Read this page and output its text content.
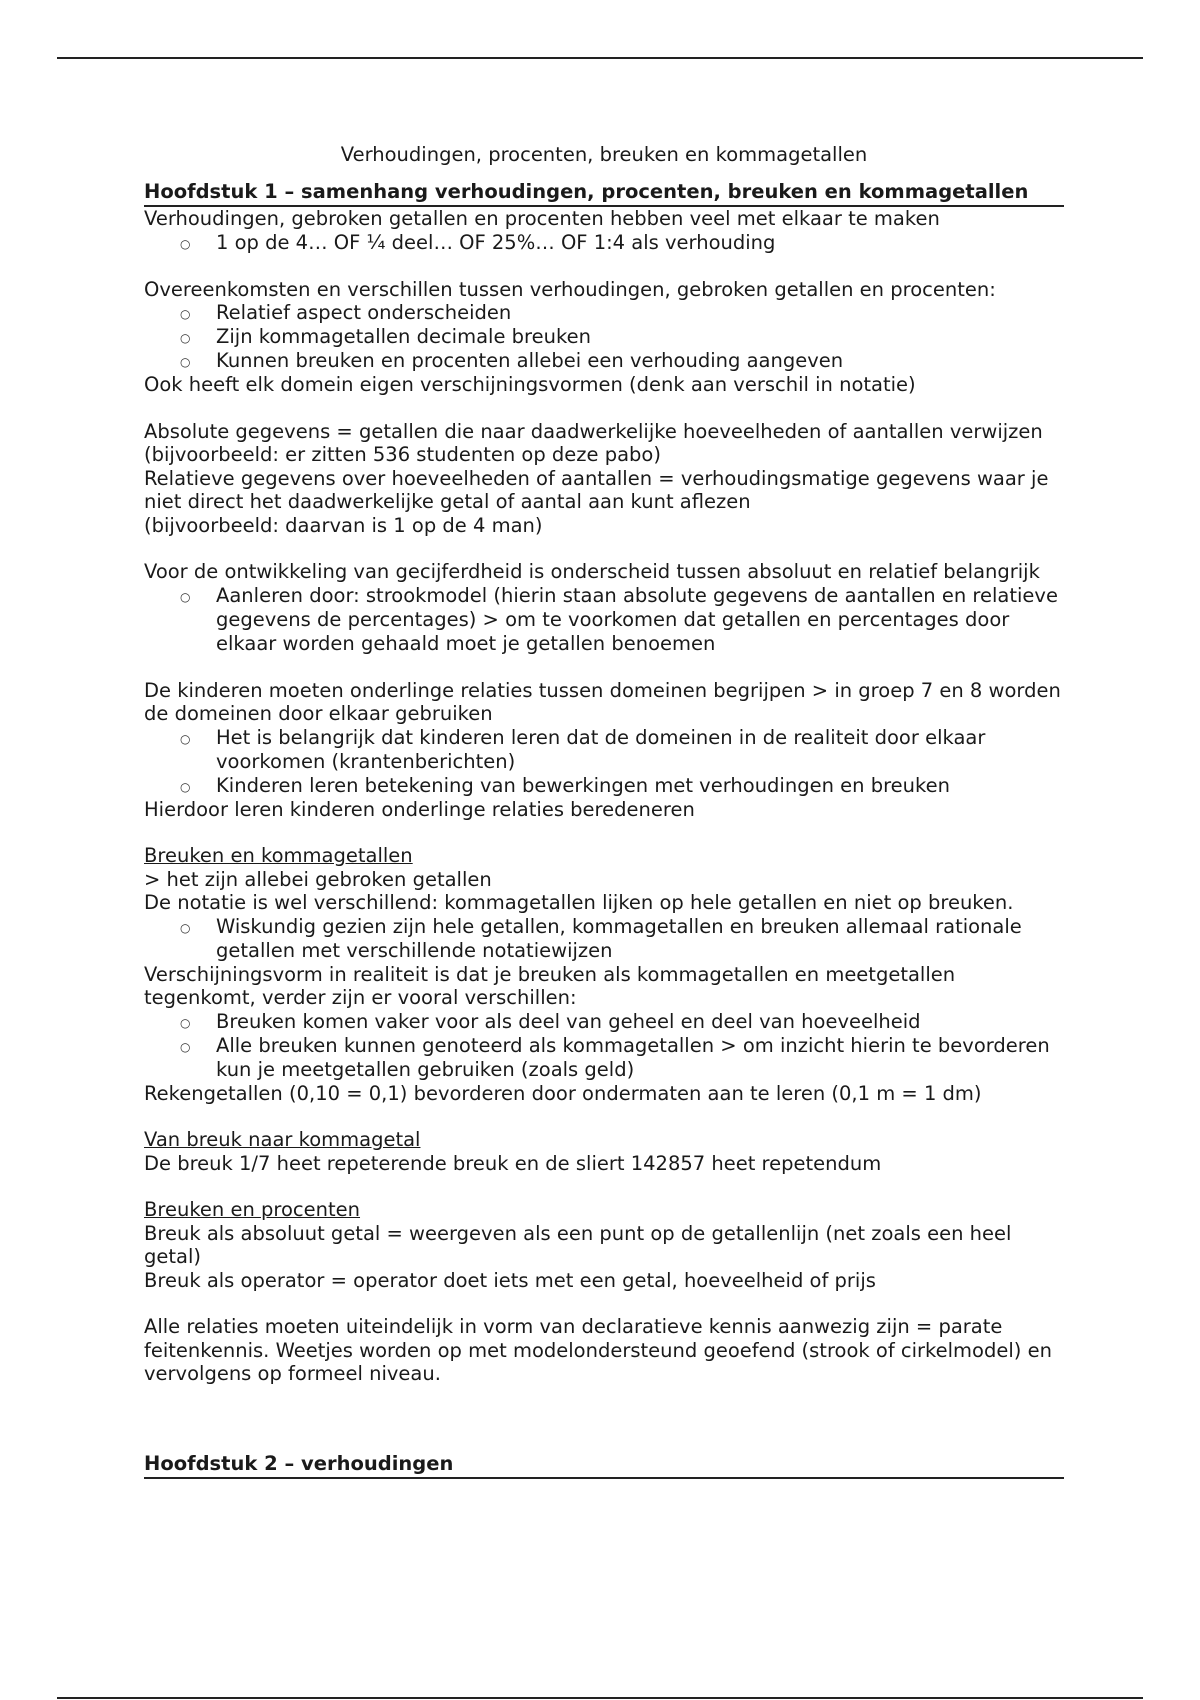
Verhoudingen, procenten, breuken en kommagetallen
Hoofdstuk 1 – samenhang verhoudingen, procenten, breuken en kommagetallen

Verhoudingen, gebroken getallen en procenten hebben veel met elkaar te maken

○ 1 op de 4… OF ¼ deel… OF 25%… OF 1:4 als verhouding

Overeenkomsten en verschillen tussen verhoudingen, gebroken getallen en procenten:

○ Relatief aspect onderscheiden
○ Zijn kommagetallen decimale breuken
○ Kunnen breuken en procenten allebei een verhouding aangeven

Ook heeft elk domein eigen verschijningsvormen (denk aan verschil in notatie)

Absolute gegevens = getallen die naar daadwerkelijke hoeveelheden of aantallen verwijzen (bijvoorbeeld: er zitten 536 studenten op deze pabo)

Relatieve gegevens over hoeveelheden of aantallen = verhoudingsmatige gegevens waar je niet direct het daadwerkelijke getal of aantal aan kunt aflezen

(bijvoorbeeld: daarvan is 1 op de 4 man)

Voor de ontwikkeling van gecijferdheid is onderscheid tussen absoluut en relatief belangrijk

○ Aanleren door: strookmodel (hierin staan absolute gegevens de aantallen en relatieve gegevens de percentages) > om te voorkomen dat getallen en percentages door elkaar worden gehaald moet je getallen benoemen

De kinderen moeten onderlinge relaties tussen domeinen begrijpen > in groep 7 en 8 worden de domeinen door elkaar gebruiken

○ Het is belangrijk dat kinderen leren dat de domeinen in de realiteit door elkaar voorkomen (krantenberichten)
○ Kinderen leren betekening van bewerkingen met verhoudingen en breuken

Hierdoor leren kinderen onderlinge relaties beredeneren

Breuken en kommagetallen

> het zijn allebei gebroken getallen

De notatie is wel verschillend: kommagetallen lijken op hele getallen en niet op breuken.

○ Wiskundig gezien zijn hele getallen, kommagetallen en breuken allemaal rationale getallen met verschillende notatiewijzen

Verschijningsvorm in realiteit is dat je breuken als kommagetallen en meetgetallen tegenkomt, verder zijn er vooral verschillen:

○ Breuken komen vaker voor als deel van geheel en deel van hoeveelheid
○ Alle breuken kunnen genoteerd als kommagetallen > om inzicht hierin te bevorderen kun je meetgetallen gebruiken (zoals geld)

Rekengetallen (0,10 = 0,1) bevorderen door ondermaten aan te leren (0,1 m = 1 dm)

Van breuk naar kommagetal

De breuk 1/7 heet repeterende breuk en de sliert 142857 heet repetendum

Breuken en procenten

Breuk als absoluut getal = weergeven als een punt op de getallenlijn (net zoals een heel getal)

Breuk als operator = operator doet iets met een getal, hoeveelheid of prijs

Alle relaties moeten uiteindelijk in vorm van declaratieve kennis aanwezig zijn = parate feitenkennis. Weetjes worden op met modelondersteund geoefend (strook of cirkelmodel) en vervolgens op formeel niveau.

Hoofdstuk 2 – verhoudingen
